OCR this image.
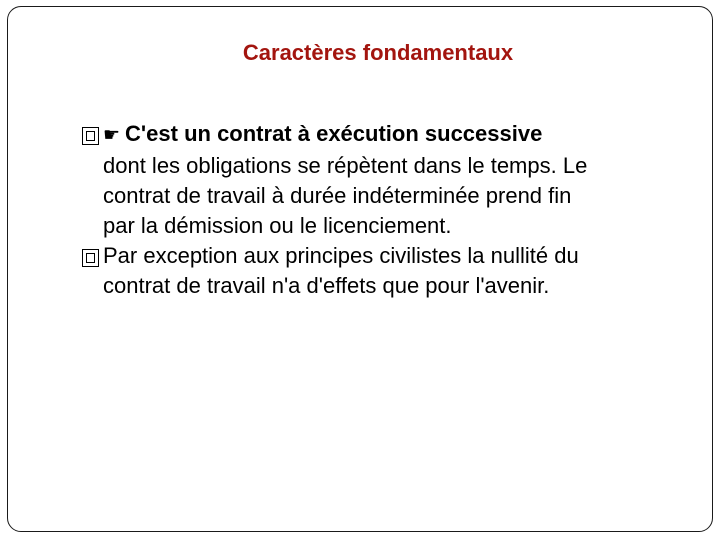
Caractères fondamentaux
☛ C'est un contrat à exécution successive
dont les obligations se répètent dans le temps. Le
contrat de travail à durée indéterminée prend fin
par la démission ou le licenciement.
Par exception aux principes civilistes la nullité du
contrat de travail n'a d'effets que pour l'avenir.
